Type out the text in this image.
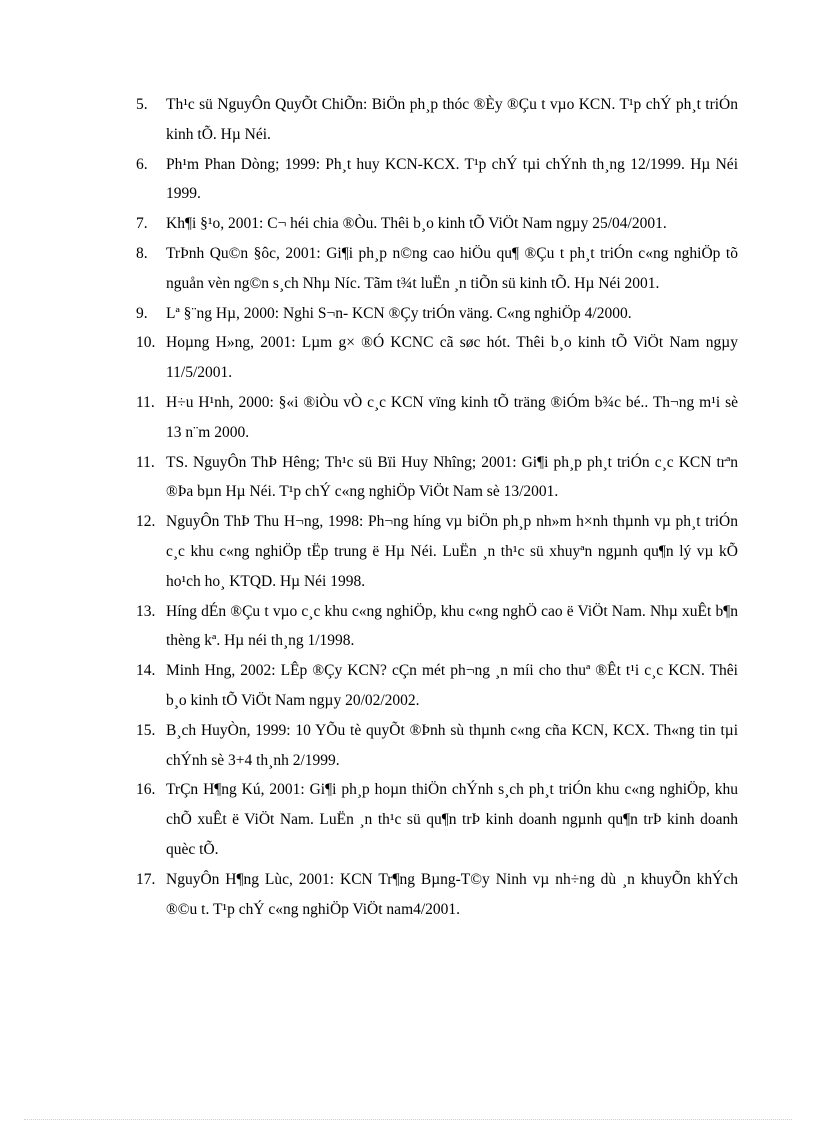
5. Th¹c sü NguyÔn QuyÕt ChiÕn: BiÖn ph¸p thóc ®Èy ®Çu t vµo KCN. T¹p chÝ ph¸t triÓn kinh tÕ. Hµ Néi.
6. Ph¹m Phan Dòng; 1999: Ph¸t huy KCN-KCX. T¹p chÝ tµi chÝnh th¸ng 12/1999. Hµ Néi 1999.
7. Kh¶i §¹o, 2001: C¬ héi chia ®Òu. Thêi b¸o kinh tÕ ViÖt Nam ngµy 25/04/2001.
8. TrÞnh Qu©n §ôc, 2001: Gi¶i ph¸p n©ng cao hiÖu qu¶ ®Çu t ph¸t triÓn c«ng nghiÖp tõ nguån vèn ng©n s¸ch Nhµ Níc. Tãm t¾t luËn ¸n tiÕn sü kinh tÕ. Hµ Néi 2001.
9. Lª §¨ng Hµ, 2000: Nghi S¬n- KCN ®Çy triÓn väng. C«ng nghiÖp 4/2000.
10. Hoµng H»ng, 2001: Lµm g× ®Ó KCNC cã søc hót. Thêi b¸o kinh tÕ ViÖt Nam ngµy 11/5/2001.
11. H÷u H¹nh, 2000: §«i ®iÒu vÒ c¸c KCN vïng kinh tÕ träng ®iÓm b¾c bé.. Th¬ng m¹i sè 13 n¨m 2000.
11. TS. NguyÔn ThÞ Hêng; Th¹c sü Bïi Huy Nhîng; 2001: Gi¶i ph¸p ph¸t triÓn c¸c KCN trªn ®Þa bµn Hµ Néi. T¹p chÝ c«ng nghiÖp ViÖt Nam sè 13/2001.
12. NguyÔn ThÞ Thu H¬ng, 1998: Ph¬ng híng vµ biÖn ph¸p nh»m h×nh thµnh vµ ph¸t triÓn c¸c khu c«ng nghiÖp tËp trung ë Hµ Néi. LuËn ¸n th¹c sü xhuyªn ngµnh qu¶n lý vµ kÕ ho¹ch ho¸ KTQD. Hµ Néi 1998.
13. Híng dÉn ®Çu t vµo c¸c khu c«ng nghiÖp, khu c«ng nghÖ cao ë ViÖt Nam. Nhµ xuÊt b¶n thèng kª. Hµ néi th¸ng 1/1998.
14. Minh Hng, 2002: LÊp ®Çy KCN? cÇn mét ph¬ng ¸n míi cho thuª ®Êt t¹i c¸c KCN. Thêi b¸o kinh tÕ ViÖt Nam ngµy 20/02/2002.
15. B¸ch HuyÒn, 1999: 10 YÕu tè quyÕt ®Þnh sù thµnh c«ng cña KCN, KCX. Th«ng tin tµi chÝnh sè 3+4 th¸nh 2/1999.
16. TrÇn H¶ng Kú, 2001: Gi¶i ph¸p hoµn thiÖn chÝnh s¸ch ph¸t triÓn khu c«ng nghiÖp, khu chÕ xuÊt ë ViÖt Nam. LuËn ¸n th¹c sü qu¶n trÞ kinh doanh ngµnh qu¶n trÞ kinh doanh quèc tÕ.
17. NguyÔn H¶ng Lùc, 2001: KCN Tr¶ng Bµng-T©y Ninh vµ nh÷ng dù ¸n khuyÕn khÝch ®©u t. T¹p chÝ c«ng nghiÖp ViÖt nam4/2001.
